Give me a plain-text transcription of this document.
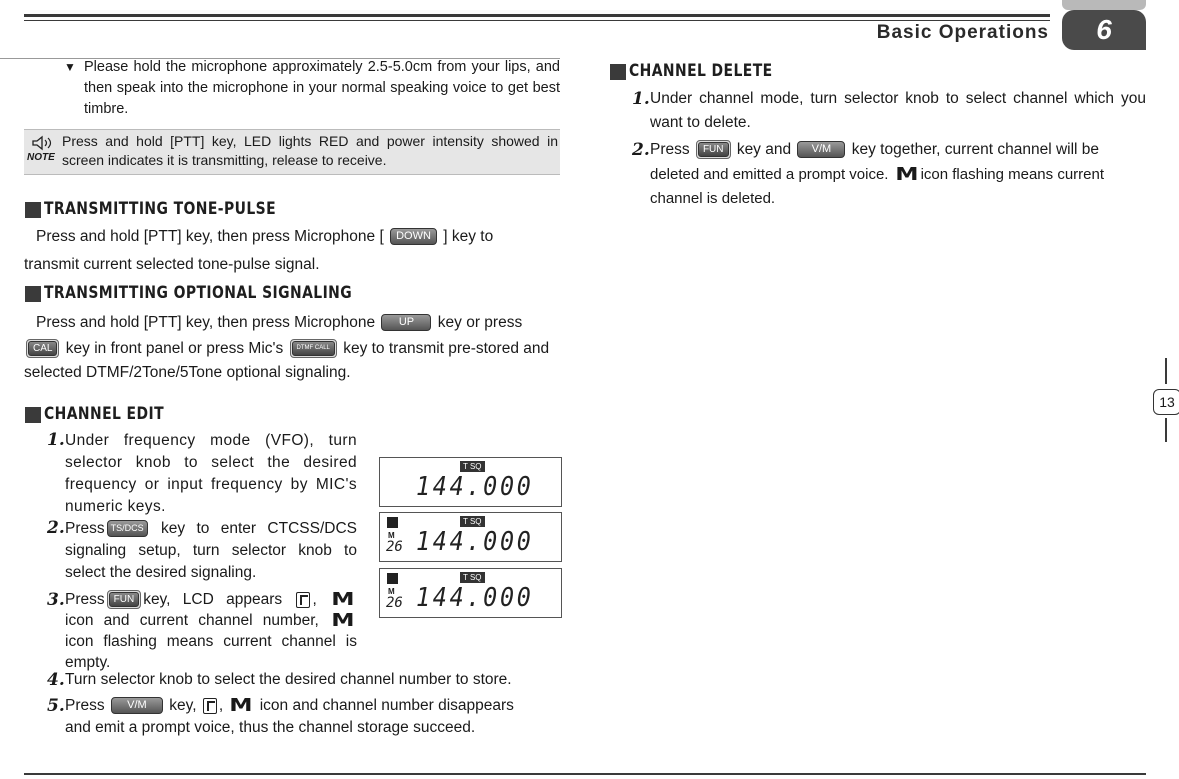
Basic Operations	6
13
▼ Please hold the microphone approximately 2.5-5.0cm from your lips, and then speak into the microphone in your normal speaking voice to get best timbre.

NOTE

Press and hold [PTT] key, LED lights RED and power intensity showed in screen indicates it is transmitting, release to receive.

TRANSMITTING TONE-PULSE
Press and hold [PTT] key, then press Microphone [ DOWN ] key to
transmit current selected tone-pulse signal.
TRANSMITTING OPTIONAL SIGNALING
Press and hold [PTT] key, then press Microphone UP key or press
CAL key in front panel or press Mic's	DTMF CALL key to transmit pre-stored and
selected DTMF/2Tone/5Tone optional signaling.
CHANNEL EDIT
1. Under frequency mode (VFO), turn selector knob to select the desired frequency or input frequency by MIC's numeric keys.

2. Press TS/DCS key to enter CTCSS/DCS signaling setup, turn selector knob to select the desired signaling.

3. Press FUN key, LCD appears , M icon and current channel number, M icon flashing means current channel is empty.

4. Turn selector knob to select the desired channel number to store.
5. Press V/M key, , M icon and channel number disappears
and emit a prompt voice, thus the channel storage succeed.
T SQ
144.000
M
T SQ
26 144.000
M
T SQ
26 144.000
CHANNEL DELETE
1. Under channel mode, turn selector knob to select channel which you want to delete.

2. Press	FUN key and V/M key together, current channel will be
deleted and emitted a prompt voice. M icon flashing means current channel is deleted.
